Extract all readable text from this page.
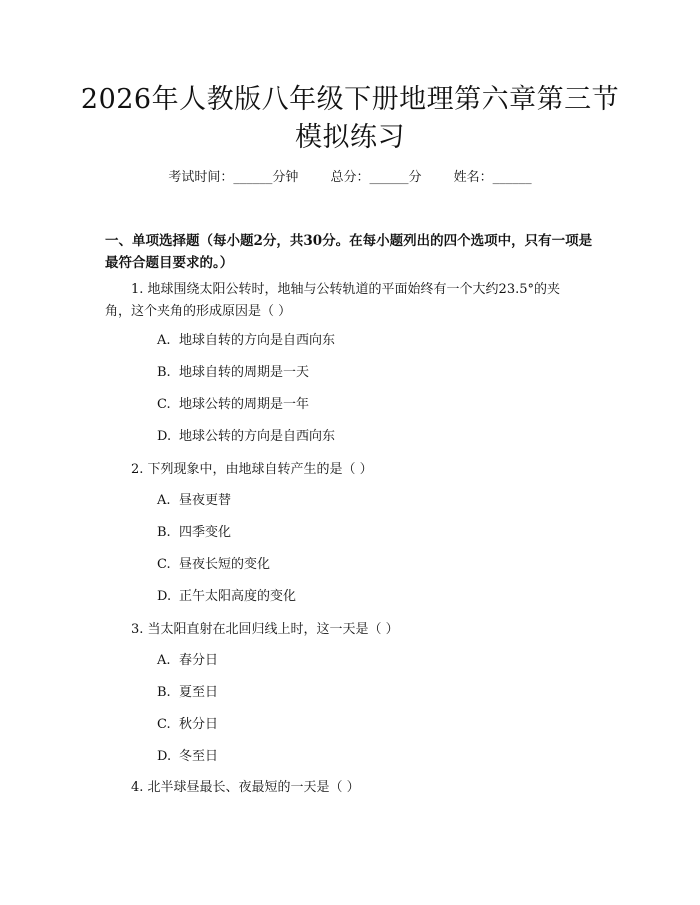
2026年人教版八年级下册地理第六章第三节
模拟练习
考试时间：______分钟 总分：______分 姓名：______
一、单项选择题（每小题2分，共30分。在每小题列出的四个选项中，只有一项是最符合题目要求的。）
1. 地球围绕太阳公转时，地轴与公转轨道的平面始终有一个大约23.5°的夹
角，这个夹角的形成原因是（ ）
A. 地球自转的方向是自西向东
B. 地球自转的周期是一天
C. 地球公转的周期是一年
D. 地球公转的方向是自西向东
2. 下列现象中，由地球自转产生的是（ ）
A. 昼夜更替
B. 四季变化
C. 昼夜长短的变化
D. 正午太阳高度的变化
3. 当太阳直射在北回归线上时，这一天是（ ）
A. 春分日
B. 夏至日
C. 秋分日
D. 冬至日
4. 北半球昼最长、夜最短的一天是（ ）
